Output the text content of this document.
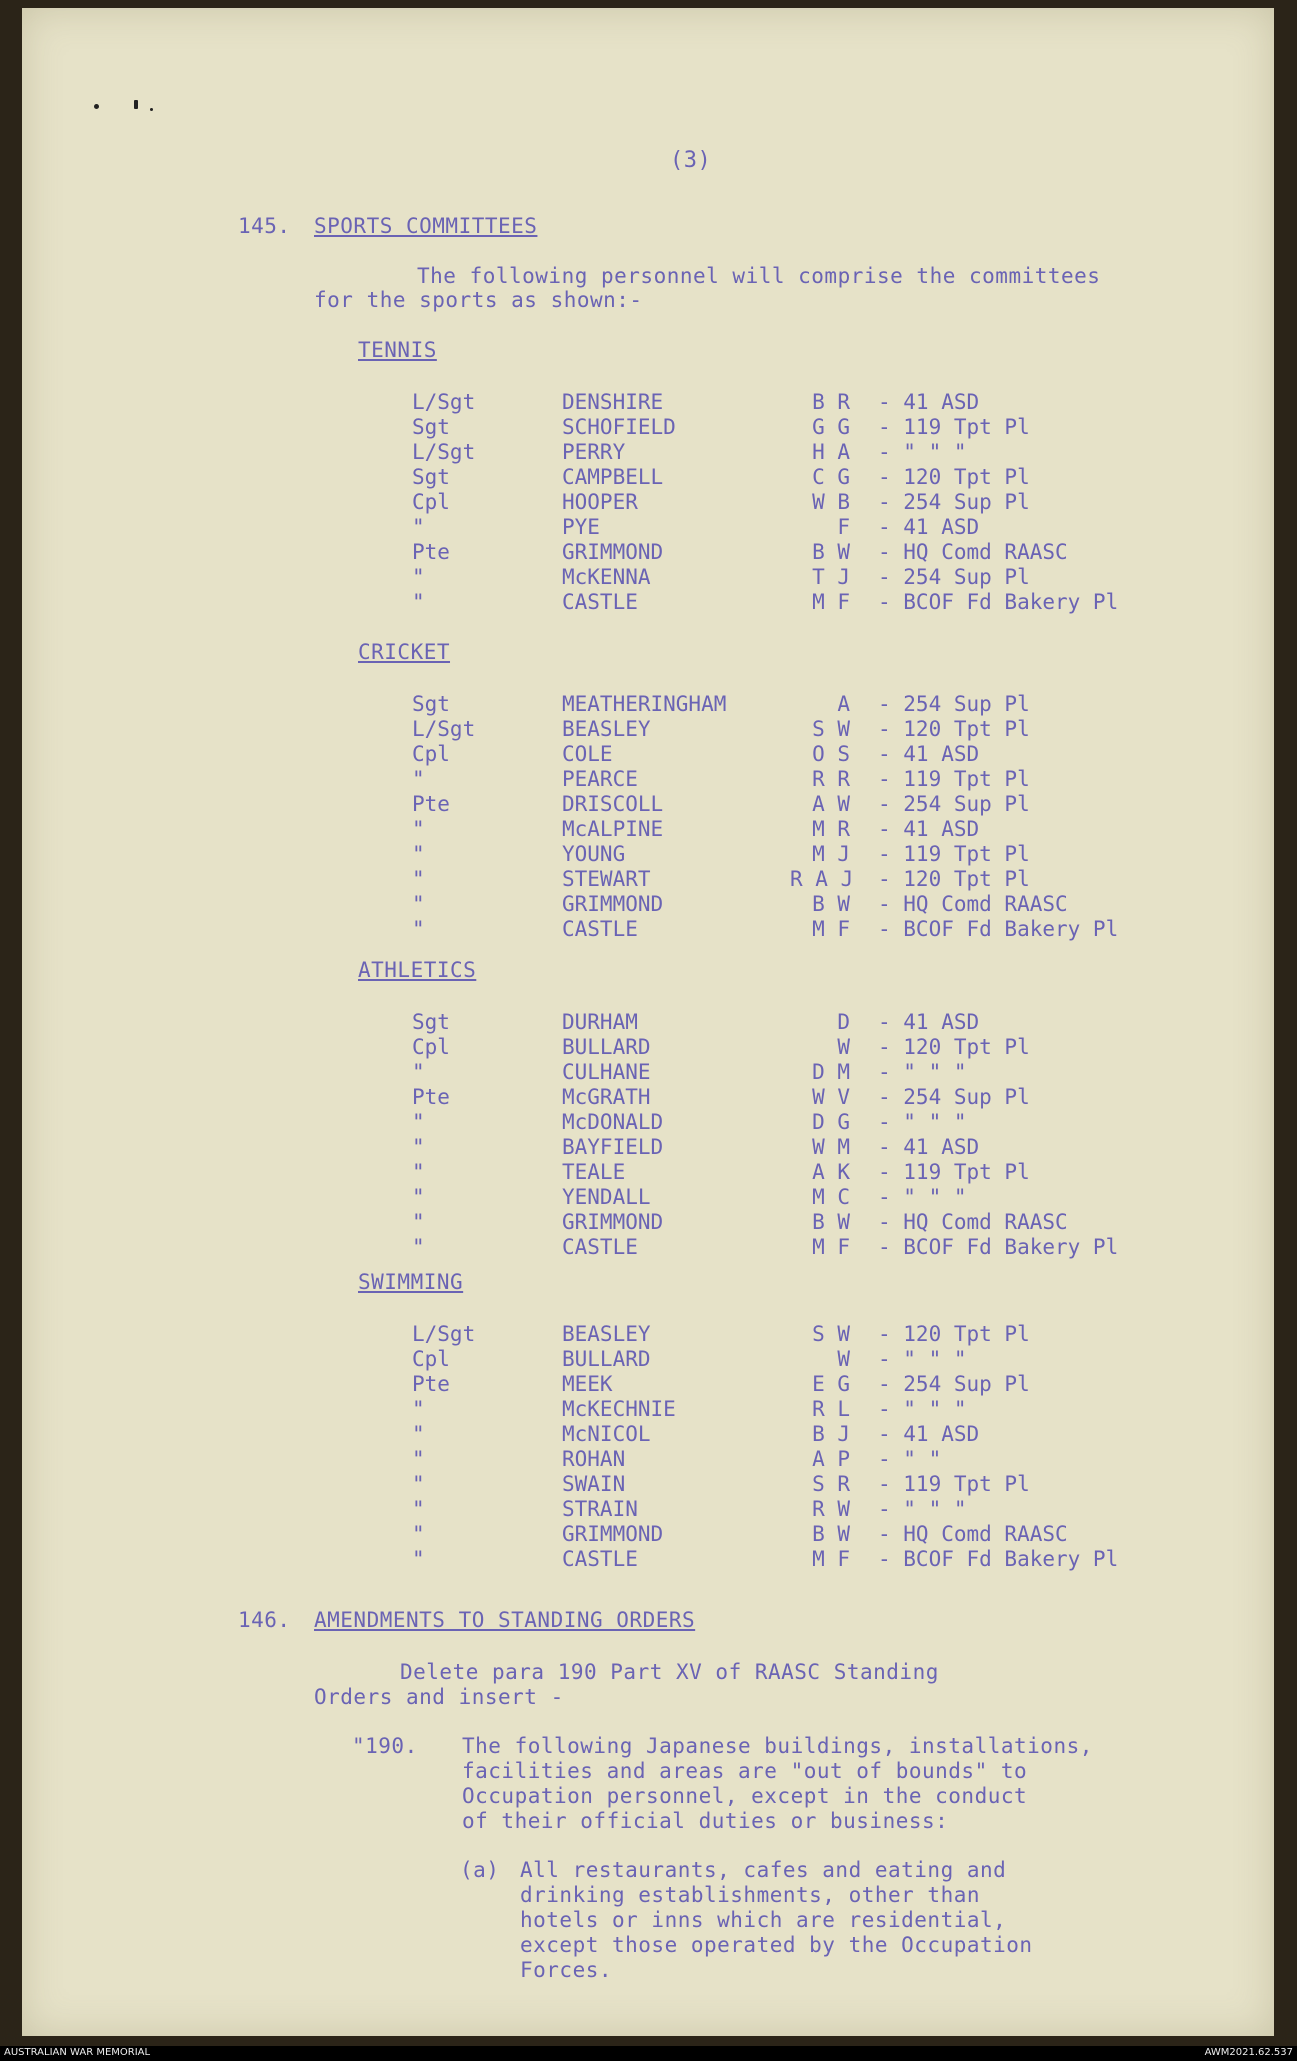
(3)
145. SPORTS COMMITTEES
The following personnel will comprise the committees
for the sports as shown:-
TENNIS
L/Sgt	DENSHIRE	B R - 41 ASD
Sgt	SCHOFIELD	G G - 119 Tpt Pl
L/Sgt	PERRY	H A - " " "
Sgt	CAMPBELL	C G - 120 Tpt Pl
Cpl	HOOPER	W B - 254 Sup Pl
"	PYE	F - 41 ASD
Pte	GRIMMOND	B W - HQ Comd RAASC
"	McKENNA	T J - 254 Sup Pl
"	CASTLE	M F - BCOF Fd Bakery Pl
CRICKET
Sgt	MEATHERINGHAM	A - 254 Sup Pl
L/Sgt	BEASLEY	S W - 120 Tpt Pl
Cpl	COLE	O S - 41 ASD
"	PEARCE	R R - 119 Tpt Pl
Pte	DRISCOLL	A W - 254 Sup Pl
"	McALPINE	M R - 41 ASD
"	YOUNG	M J - 119 Tpt Pl
"	STEWART	R A J - 120 Tpt Pl
"	GRIMMOND	B W - HQ Comd RAASC
"	CASTLE	M F - BCOF Fd Bakery Pl
ATHLETICS
Sgt	DURHAM	D - 41 ASD
Cpl	BULLARD	W - 120 Tpt Pl
"	CULHANE	D M - " " "
Pte	McGRATH	W V - 254 Sup Pl
"	McDONALD	D G - " " "
"	BAYFIELD	W M - 41 ASD
"	TEALE	A K - 119 Tpt Pl
"	YENDALL	M C - " " "
"	GRIMMOND	B W - HQ Comd RAASC
"	CASTLE	M F - BCOF Fd Bakery Pl
SWIMMING
L/Sgt	BEASLEY	S W - 120 Tpt Pl
Cpl	BULLARD	W - " " "
Pte	MEEK	E G - 254 Sup Pl
"	McKECHNIE	R L - " " "
"	McNICOL	B J - 41 ASD
"	ROHAN	A P - " "
"	SWAIN	S R - 119 Tpt Pl
"	STRAIN	R W - " " "
"	GRIMMOND	B W - HQ Comd RAASC
"	CASTLE	M F - BCOF Fd Bakery Pl
146. AMENDMENTS TO STANDING ORDERS
Delete para 190 Part XV of RAASC Standing
Orders and insert -
"190. The following Japanese buildings, installations,
facilities and areas are "out of bounds" to
Occupation personnel, except in the conduct
of their official duties or business:
(a) All restaurants, cafes and eating and
drinking establishments, other than
hotels or inns which are residential,
except those operated by the Occupation
Forces.
AUSTRALIAN WAR MEMORIAL	AWM2021.62.537
